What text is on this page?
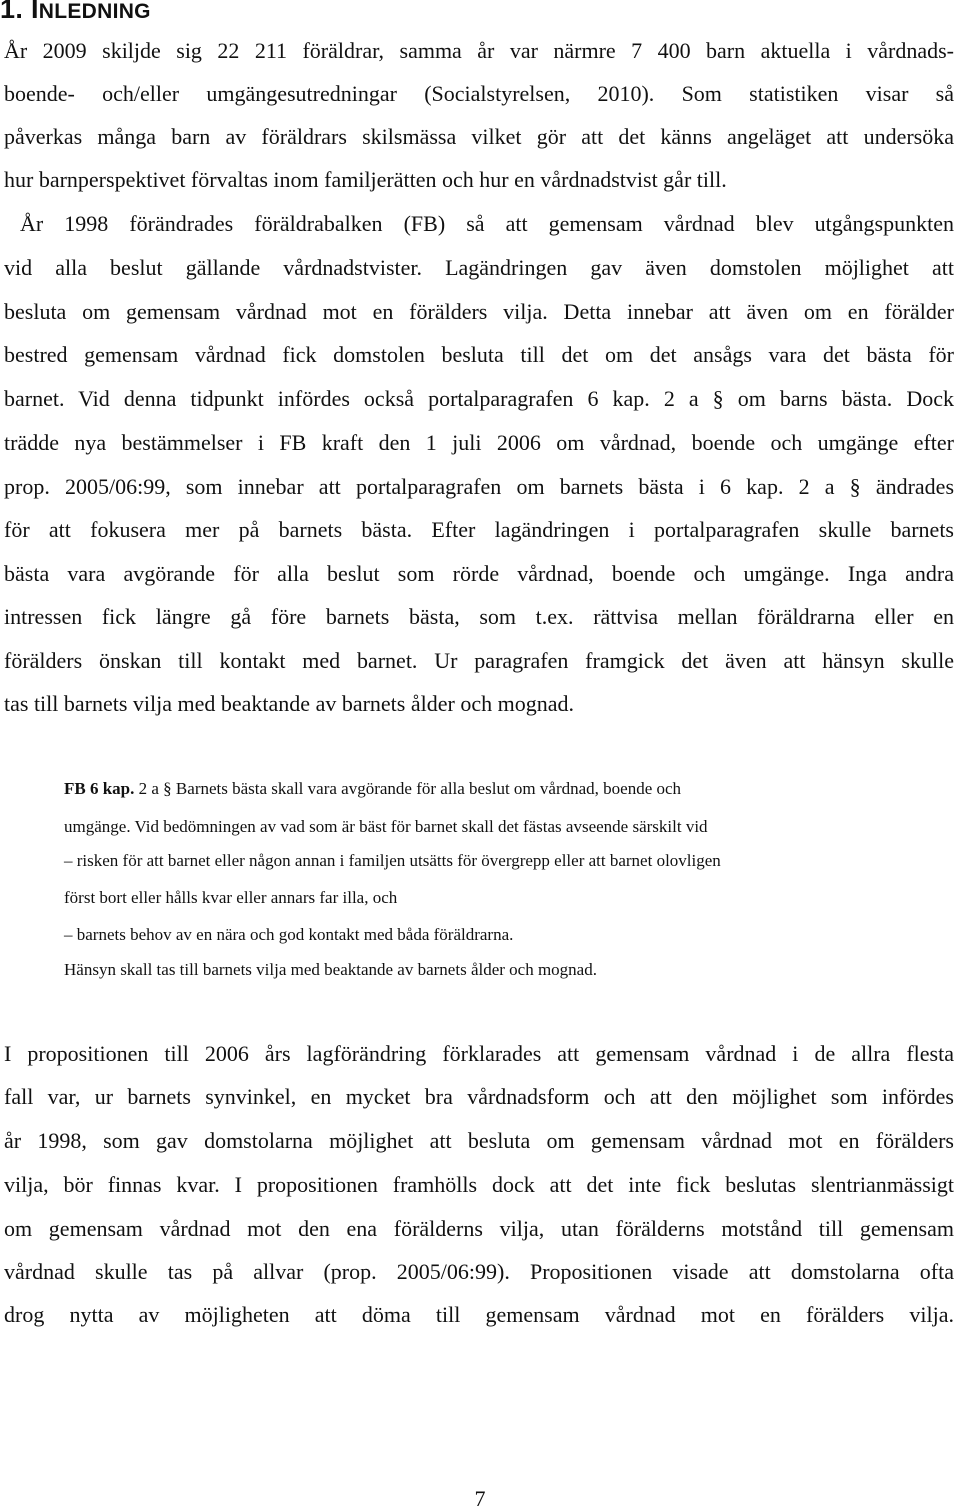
1. INLEDNING
År 2009 skiljde sig 22 211 föräldrar, samma år var närmre 7 400 barn aktuella i vårdnads-
boende- och/eller umgängesutredningar (Socialstyrelsen, 2010). Som statistiken visar så
påverkas många barn av föräldrars skilsmässa vilket gör att det känns angeläget att undersöka
hur barnperspektivet förvaltas inom familjerätten och hur en vårdnadstvist går till.
År 1998 förändrades föräldrabalken (FB) så att gemensam vårdnad blev utgångspunkten
vid alla beslut gällande vårdnadstvister. Lagändringen gav även domstolen möjlighet att
besluta om gemensam vårdnad mot en förälders vilja. Detta innebar att även om en förälder
bestred gemensam vårdnad fick domstolen besluta till det om det ansågs vara det bästa för
barnet. Vid denna tidpunkt infördes också portalparagrafen 6 kap. 2 a § om barns bästa. Dock
trädde nya bestämmelser i FB kraft den 1 juli 2006 om vårdnad, boende och umgänge efter
prop. 2005/06:99, som innebar att portalparagrafen om barnets bästa i 6 kap. 2 a § ändrades
för att fokusera mer på barnets bästa. Efter lagändringen i portalparagrafen skulle barnets
bästa vara avgörande för alla beslut som rörde vårdnad, boende och umgänge. Inga andra
intressen fick längre gå före barnets bästa, som t.ex. rättvisa mellan föräldrarna eller en
förälders önskan till kontakt med barnet. Ur paragrafen framgick det även att hänsyn skulle
tas till barnets vilja med beaktande av barnets ålder och mognad.
FB 6 kap. 2 a § Barnets bästa skall vara avgörande för alla beslut om vårdnad, boende och
umgänge. Vid bedömningen av vad som är bäst för barnet skall det fästas avseende särskilt vid
– risken för att barnet eller någon annan i familjen utsätts för övergrepp eller att barnet olovligen
först bort eller hålls kvar eller annars far illa, och
– barnets behov av en nära och god kontakt med båda föräldrarna.
Hänsyn skall tas till barnets vilja med beaktande av barnets ålder och mognad.
I propositionen till 2006 års lagförändring förklarades att gemensam vårdnad i de allra flesta
fall var, ur barnets synvinkel, en mycket bra vårdnadsform och att den möjlighet som infördes
år 1998, som gav domstolarna möjlighet att besluta om gemensam vårdnad mot en förälders
vilja, bör finnas kvar. I propositionen framhölls dock att det inte fick beslutas slentrianmässigt
om gemensam vårdnad mot den ena förälderns vilja, utan förälderns motstånd till gemensam
vårdnad skulle tas på allvar (prop. 2005/06:99). Propositionen visade att domstolarna ofta
drog nytta av möjligheten att döma till gemensam vårdnad mot en förälders vilja.
7
